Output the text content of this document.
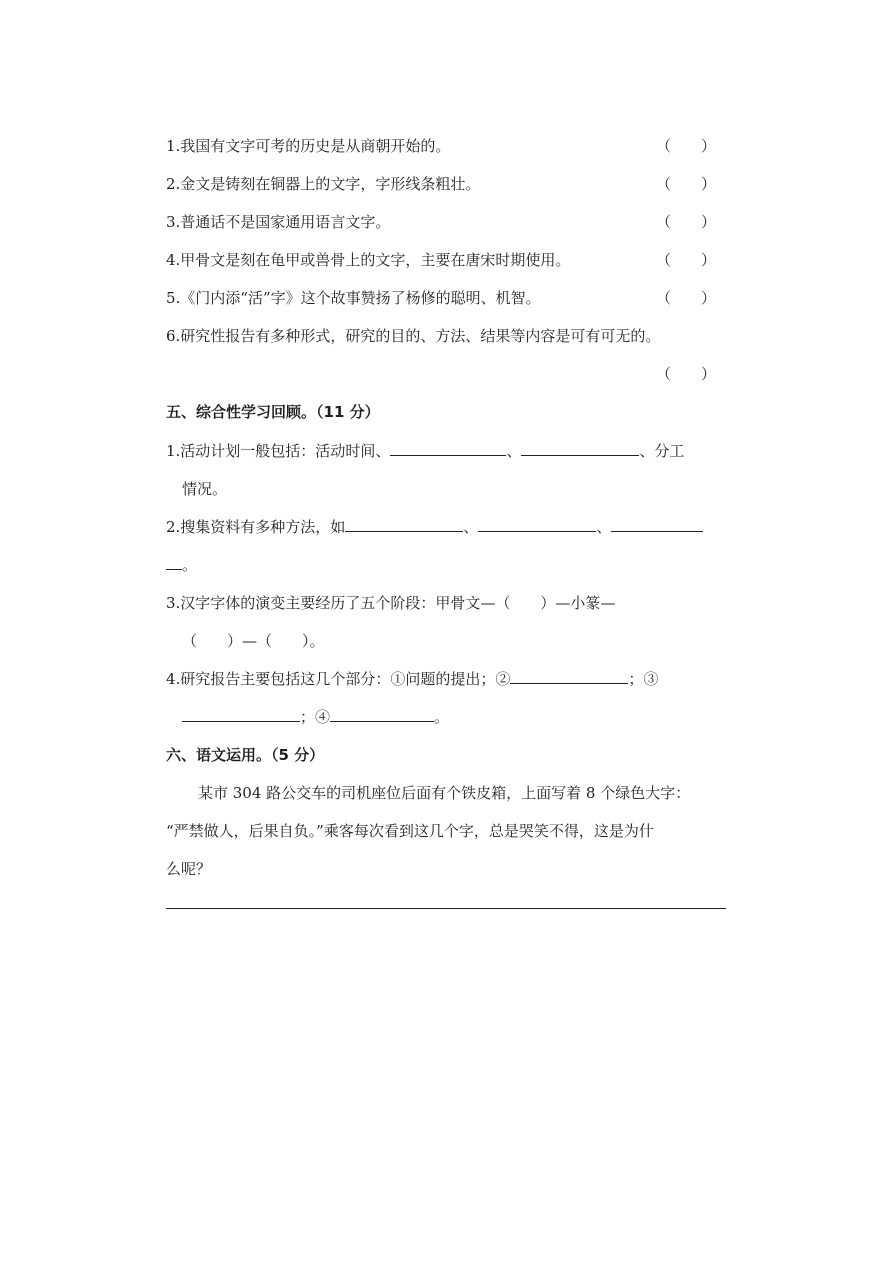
1.我国有文字可考的历史是从商朝开始的。	（　　）
2.金文是铸刻在铜器上的文字，字形线条粗壮。	（　　）
3.普通话不是国家通用语言文字。	（　　）
4.甲骨文是刻在龟甲或兽骨上的文字，主要在唐宋时期使用。	（　　）
5.《门内添“活”字》这个故事赞扬了杨修的聪明、机智。	（　　）
6.研究性报告有多种形式，研究的目的、方法、结果等内容是可有可无的。
（　　）
五、综合性学习回顾。（11 分）
1.活动计划一般包括：活动时间、	、	、分工
情况。
2.搜集资料有多种方法，如	、	、
。
3.汉字字体的演变主要经历了五个阶段：甲骨文—（　　）—小篆—
（　　）—（　　）。
4.研究报告主要包括这几个部分：①问题的提出；②	；③
；④	。
六、语文运用。（5 分）
某市 304 路公交车的司机座位后面有个铁皮箱，上面写着 8 个绿色大字：
“严禁做人，后果自负。”乘客每次看到这几个字，总是哭笑不得，这是为什
么呢？
